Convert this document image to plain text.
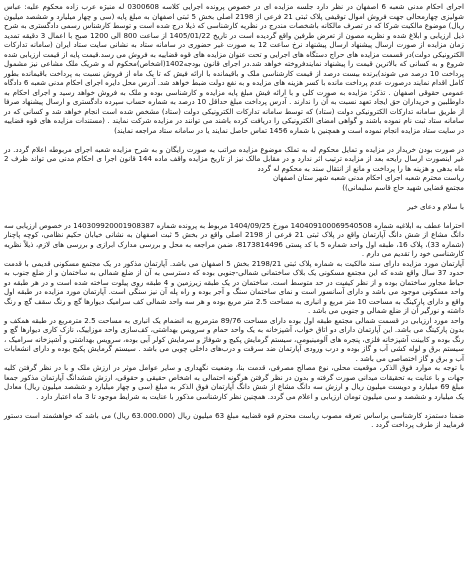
اجرای احکام مدنی شعبه 6 اصفهان در نظر دارد جلسه مزایده ای در خصوص پرونده اجرایی کلاسه 0300608 له منیژه عرب زاده محکوم علیه: عباس شولیزی چهارمحالی جهت فروش اموال توقیفی پلاک ثبتی 21 فرعی از 2198 اصلی بخش 5 ثبتی اصفهان به مبلغ پایه (سی و چهار میلیارد و ششصد میلیون ریال) موضوع مالکیت شرکا که در تصرف مالکانه باشخصات مندرج در نظریه کارشناسی که ذیلا درج شده است و توسط کارشناس رسمی دادگستری به شرح ذیل ارزیابی و ابلاغ شده و نظریه مصون از تعرض طرفین واقع گردیده است در تاریخ 1405/01/22 از ساعت 800 الی 1200 صبح با اعمال 3 دقیقه تمدید زمان مزایده از صورت ارسال پیشنهاد ارسال پیشنهاد نرخ ساعت 12 به صورت غیر حضوری در سامانه ستاد به نشانی سایت ستاد ایران (سامانه تدارکات الکترونیکی دولت)در قسمت مزایده های حراج دستگاه های اجرایی و تحت عنوان مزایده های قوه قضاییه به فروش می رسد.قیمت پایه از قیمت ارزیابی شده شروع و به کسانی که بالاترین قیمت را پیشنهاد نمایندفروخته خواهد شد.در اجرای قانون بودجه1402(اشخاص)محکوم له و شریک ملک مشاعی نیز مشمول پرداخت 10 درصد می شوند)برنده بیست درصد از قیمت کارشناسی ملک و باقیمانده با ارائه فیش که تا یک ماه از فروش نسبت به پرداخت باقیمانده بطور کامل اقدام نمایند درصورت عدم پرداخت مانده با کسر هزینه های مزایده و به نفع دولت ضبط خواهد شد. آدرس محل دایره اجرای احکام مدنی شعبه 6 دادگاه عمومی حقوقی اصفهان . تذکر: مزایده به صورت کلی و با ارائه فیش مبلغ پایه مزایده و کارشناسی بوده و ملک به فروش خواهد رسید و اجرای احکام به داوطلبین و خریداران حق ایجاد تعهد نسبت به آن را ندارند . آدرس پرداخت مبلغ حداقل 10 درصد به شماره حساب سپرده دادگستری و ارسال پیشنهاد صرفا از طریق سامانه تدارکات الکترونیکی دولت (ستاد) که توسط سامانه تدارکات الکترونیکی دولت (ستاد) مشخص شده است انجام خواهد شد و کسانی که در سامانه ستاد ثبت نام نموده باشند و گواهی امضای الکترونیکی را دریافت کرده باشند می توانند در مزایده شرکت نمایند . (مستندات مزایده های قوه قضاییه در سایت ستاد مزایده انجام نموده است و همچنین با شماره 1456 تماس حاصل نمایند یا در سامانه ستاد مراجعه نمایند)

در صورت بودن خریدار در مزایده و تمایل محکوم له به تملک موضوع مزایده مراتب به صورت رایگان و به شرح مزایده شعبه اجرای مربوطه اعلام گردد. در غیر اینصورت ارسال رایحه بعد از مزایده ترتیب اثر ندارد و در مقابل مالک نیز از تاریخ مزایده واقف ماده 144 قانون اجرا ی احکام مدنی می تواند ظرف 2 ماه بدهی و هزینه ها را پرداخت و مانع از انتقال سند به محکوم له گردد

ریاست محترم شعبه اجرای احکام مدنی شعبه شهر ستان اصفهان

مجتمع قضایی شهید حاج قاسم سلیمانی))

با سلام و دعای خیر

احتراما عطف به ابلاغیه شماره 140409100069540508 مورخ 1404/09/25 مربوط به پرونده شماره 140309920001908387 در خصوص ارزیابی سه دانگ مشاع از شش دانگ آپارتمان واقع در پلاک ثبتی 21 فرعی از 2198 اصلی واقع در بخش 5 ثبت اصفهان به نشانی خیابان حکیم نظامی، کوچه پاچنار (شماره 33)، پلاک 16، طبقه اول واحد شماره 5 با کد پستی 8173814496، ضمن مراجعه به محل و بررسی مدارک ابرازی و بررسی های لازم، ذیلاً نظریه کارشناسی خود را تقدیم می دارم .

آپارتمان مورد مزایده دارای سند مالکیت به شماره پلاک ثبتی 2198/21 بخش 5 اصفهان می باشد. آپارتمان مذکور در یک مجتمع مسکونی قدیمی با قدمت حدود 37 سال واقع شده که این مجتمع مسکونی یک بلاک ساختمانی شمالی-جنوبی بوده که دسترسی به آن از ضلع شمالی به ساختمان و از ضلع جنوب به حیاط مجاور ساختمان بوده و از نظر کیفیت در حد متوسط است. ساختمان در یک طبقه زیرزمین و 4 طبقه روی پیلوت ساخته شده است و در هر طبقه دو واحد مسکونی موجود می باشد و دارای آسانسور است و نمای ساختمان سنگ و آجر بوده و راه پله آن نیز سنگی است. آپارتمان مورد مزایده در طبقه اول واقع و دارای پارکینگ به مساحت 10 متر مربع و انباری به مساحت 2.5 متر مربع بوده و هر سه واحد شمالی کف سرامیک دیوارها گچ و رنگ سقف گچ و رنگ داشته و نورگیر آن از ضلع شمالی و جنوبی می باشد .

واحد مورد ارزیابی در قسمت شمالی مجتمع طبقه اول بوده دارای مساحت 89/76 مترمربع به انضمام یک انباری به مساحت 2.5 مترمربع در طبقه همکف و بدون پارکینگ می باشد. این آپارتمان دارای دو اتاق خواب، آشپزخانه به یک واحد حمام و سرویس بهداشتی، کف‌سازی واحد موزاییک، نازک کاری دیوارها گچ و رنگ بوده و کابینت آشپزخانه فلزی، پنجره های آلومینیومی، سیستم گرمایش پکیج و شوفاژ و سرمایش کولر آبی بوده، سرویس بهداشتی و آشپزخانه سرامیک ، سیستم برق و لوله کشی آب و گاز بوده و درب ورودی آپارتمان ضد سرقت و درب‌های داخلی چوبی می باشد . سیستم گرمایش پکیج بوده و دارای انشعابات آب و برق و گاز اختصاصی می باشد .

با توجه به موارد فوق الذکر، موقعیت محلی، نوع مصالح مصرفی، قدمت بنا، وضعیت نگهداری و سایر عوامل موثر در ارزش ملک و با در نظر گرفتن کلیه جهات و با عنایت به تحقیقات میدانی صورت گرفته و بدون در نظر گرفتن هرگونه احتمالی به اشخاص حقیقی و حقوقی، ارزش ششدانگ آپارتمان مذکور جمعا مبلغ 69 میلیارد و دویست میلیون ریال و ارزش سه دانگ مشاع از شش دانگ آپارتمان فوق الذکر به مبلغ (سی و چهار میلیارد و ششصد میلیون ریال) معادل یک میلیارد و ششصد و سی میلیون تومان ارزیابی و اعلام می گردد. همچنین نظر کارشناسی مذکور با عنایت به شرایط موجود تا 3 ماه اعتبار دارد .

ضمنا دستمزد کارشناسی براساس تعرفه مصوب ریاست محترم قوه قضاییه مبلغ 63 میلیون ریال (63.000.000 ریال) می باشد که خواهشمند است دستور فرمایید از طرف پرداخت گردد .
